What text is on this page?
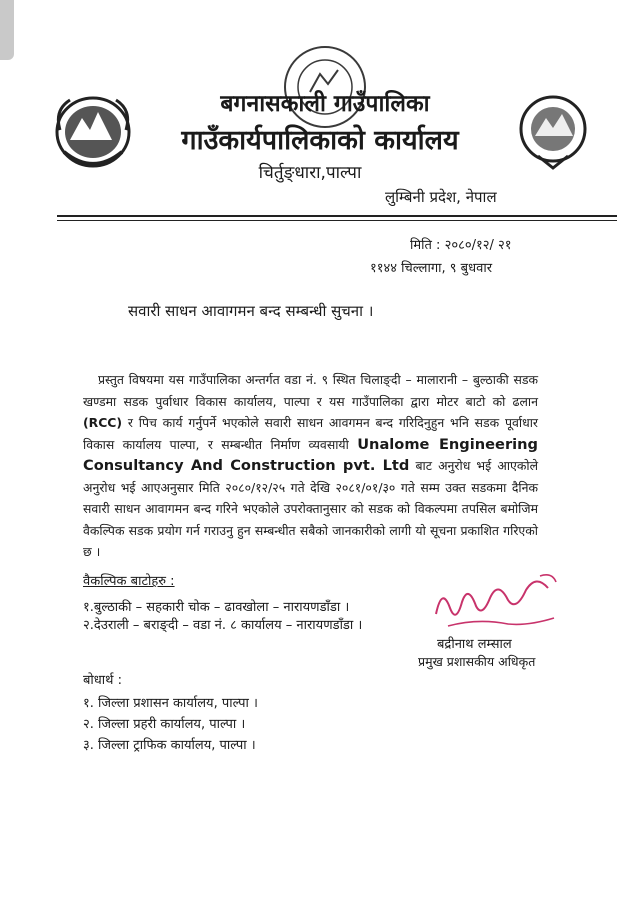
बगनासकाली गाउँपालिका
गाउँकार्यपालिकाको कार्यालय
चिर्तुङ्धारा,पाल्पा
लुम्बिनी प्रदेश, नेपाल
मिति : २०८०/१२/ २१
११४४ चिल्लागा, ९ बुधवार
सवारी साधन आवागमन बन्द सम्बन्धी सुचना ।

प्रस्तुत विषयमा यस गाउँपालिका अन्तर्गत वडा नं. ९ स्थित चिलाङ्दी – मालारानी – बुल्ठाकी सडक खण्डमा सडक पुर्वाधार विकास कार्यालय, पाल्पा र यस गाउँपालिका द्वारा मोटर बाटो को ढलान (RCC) र पिच कार्य गर्नुपर्ने भएकोले सवारी साधन आवगमन बन्द गरिदिनुहुन भनि सडक पूर्वाधार विकास कार्यालय पाल्पा, र सम्बन्धीत निर्माण व्यवसायी Unalome Engineering Consultancy And Construction pvt. Ltd बाट अनुरोध भई आएकोले अनुरोध भई आएअनुसार मिति २०८०/१२/२५ गते देखि २०८१/०१/३० गते सम्म उक्त सडकमा दैनिक सवारी साधन आवागमन बन्द गरिने भएकोले उपरोक्तानुसार को सडक को विकल्पमा तपसिल बमोजिम वैकल्पिक सडक प्रयोग गर्न गराउनु हुन सम्बन्धीत सबैको जानकारीको लागी यो सूचना प्रकाशित गरिएको छ ।

वैकल्पिक बाटोहरु :
१.बुल्ठाकी – सहकारी चोक – ढावखोला – नारायणडाँडा ।
२.देउराली – बराङ्दी – वडा नं. ८ कार्यालय – नारायणडाँडा ।
बद्रीनाथ लम्साल
प्रमुख प्रशासकीय अधिकृत
बोधार्थ :
१. जिल्ला प्रशासन कार्यालय, पाल्पा ।
२. जिल्ला प्रहरी कार्यालय, पाल्पा ।
३. जिल्ला ट्राफिक कार्यालय, पाल्पा ।
